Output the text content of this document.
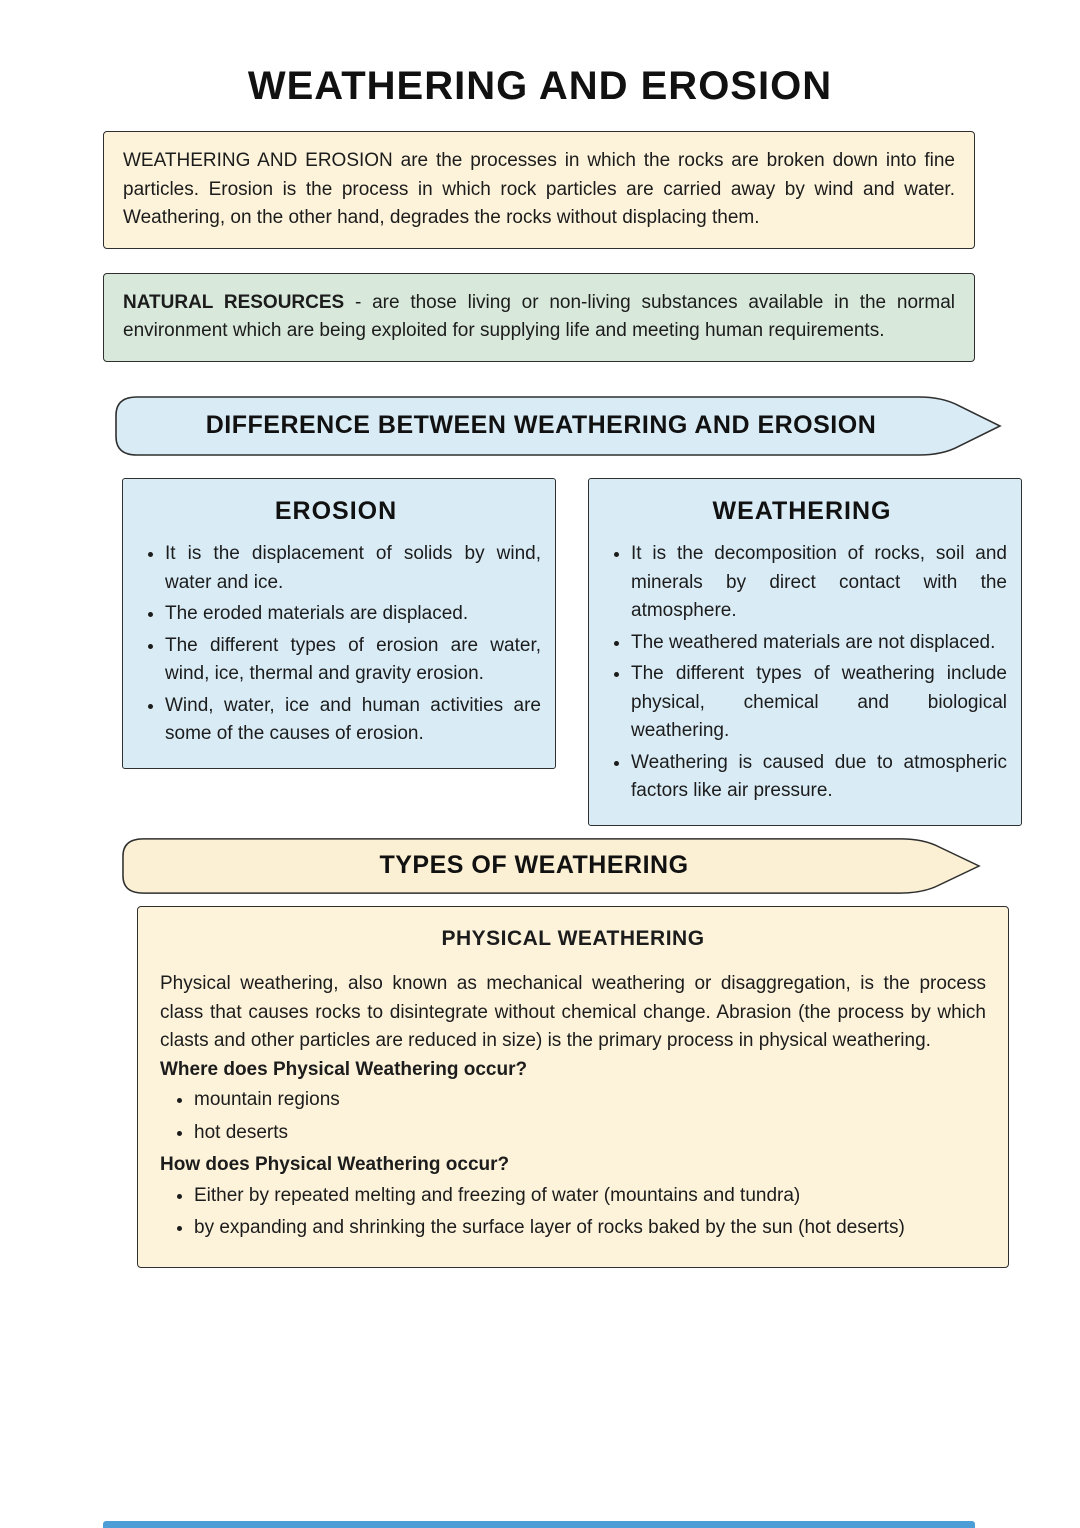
WEATHERING AND EROSION

WEATHERING AND EROSION are the processes in which the rocks are broken down into fine particles. Erosion is the process in which rock particles are carried away by wind and water. Weathering, on the other hand, degrades the rocks without displacing them.

NATURAL RESOURCES - are those living or non-living substances available in the normal environment which are being exploited for supplying life and meeting human requirements.

DIFFERENCE BETWEEN WEATHERING AND EROSION
EROSION
• It is the displacement of solids by wind, water and ice.
• The eroded materials are displaced.
• The different types of erosion are water, wind, ice, thermal and gravity erosion.
• Wind, water, ice and human activities are some of the causes of erosion.
WEATHERING
• It is the decomposition of rocks, soil and minerals by direct contact with the atmosphere.
• The weathered materials are not displaced.
• The different types of weathering include physical, chemical and biological weathering.
• Weathering is caused due to atmospheric factors like air pressure.
TYPES OF WEATHERING
PHYSICAL WEATHERING

Physical weathering, also known as mechanical weathering or disaggregation, is the process class that causes rocks to disintegrate without chemical change. Abrasion (the process by which clasts and other particles are reduced in size) is the primary process in physical weathering.

Where does Physical Weathering occur?

• mountain regions
• hot deserts

How does Physical Weathering occur?

• Either by repeated melting and freezing of water (mountains and tundra)
• by expanding and shrinking the surface layer of rocks baked by the sun (hot deserts)
